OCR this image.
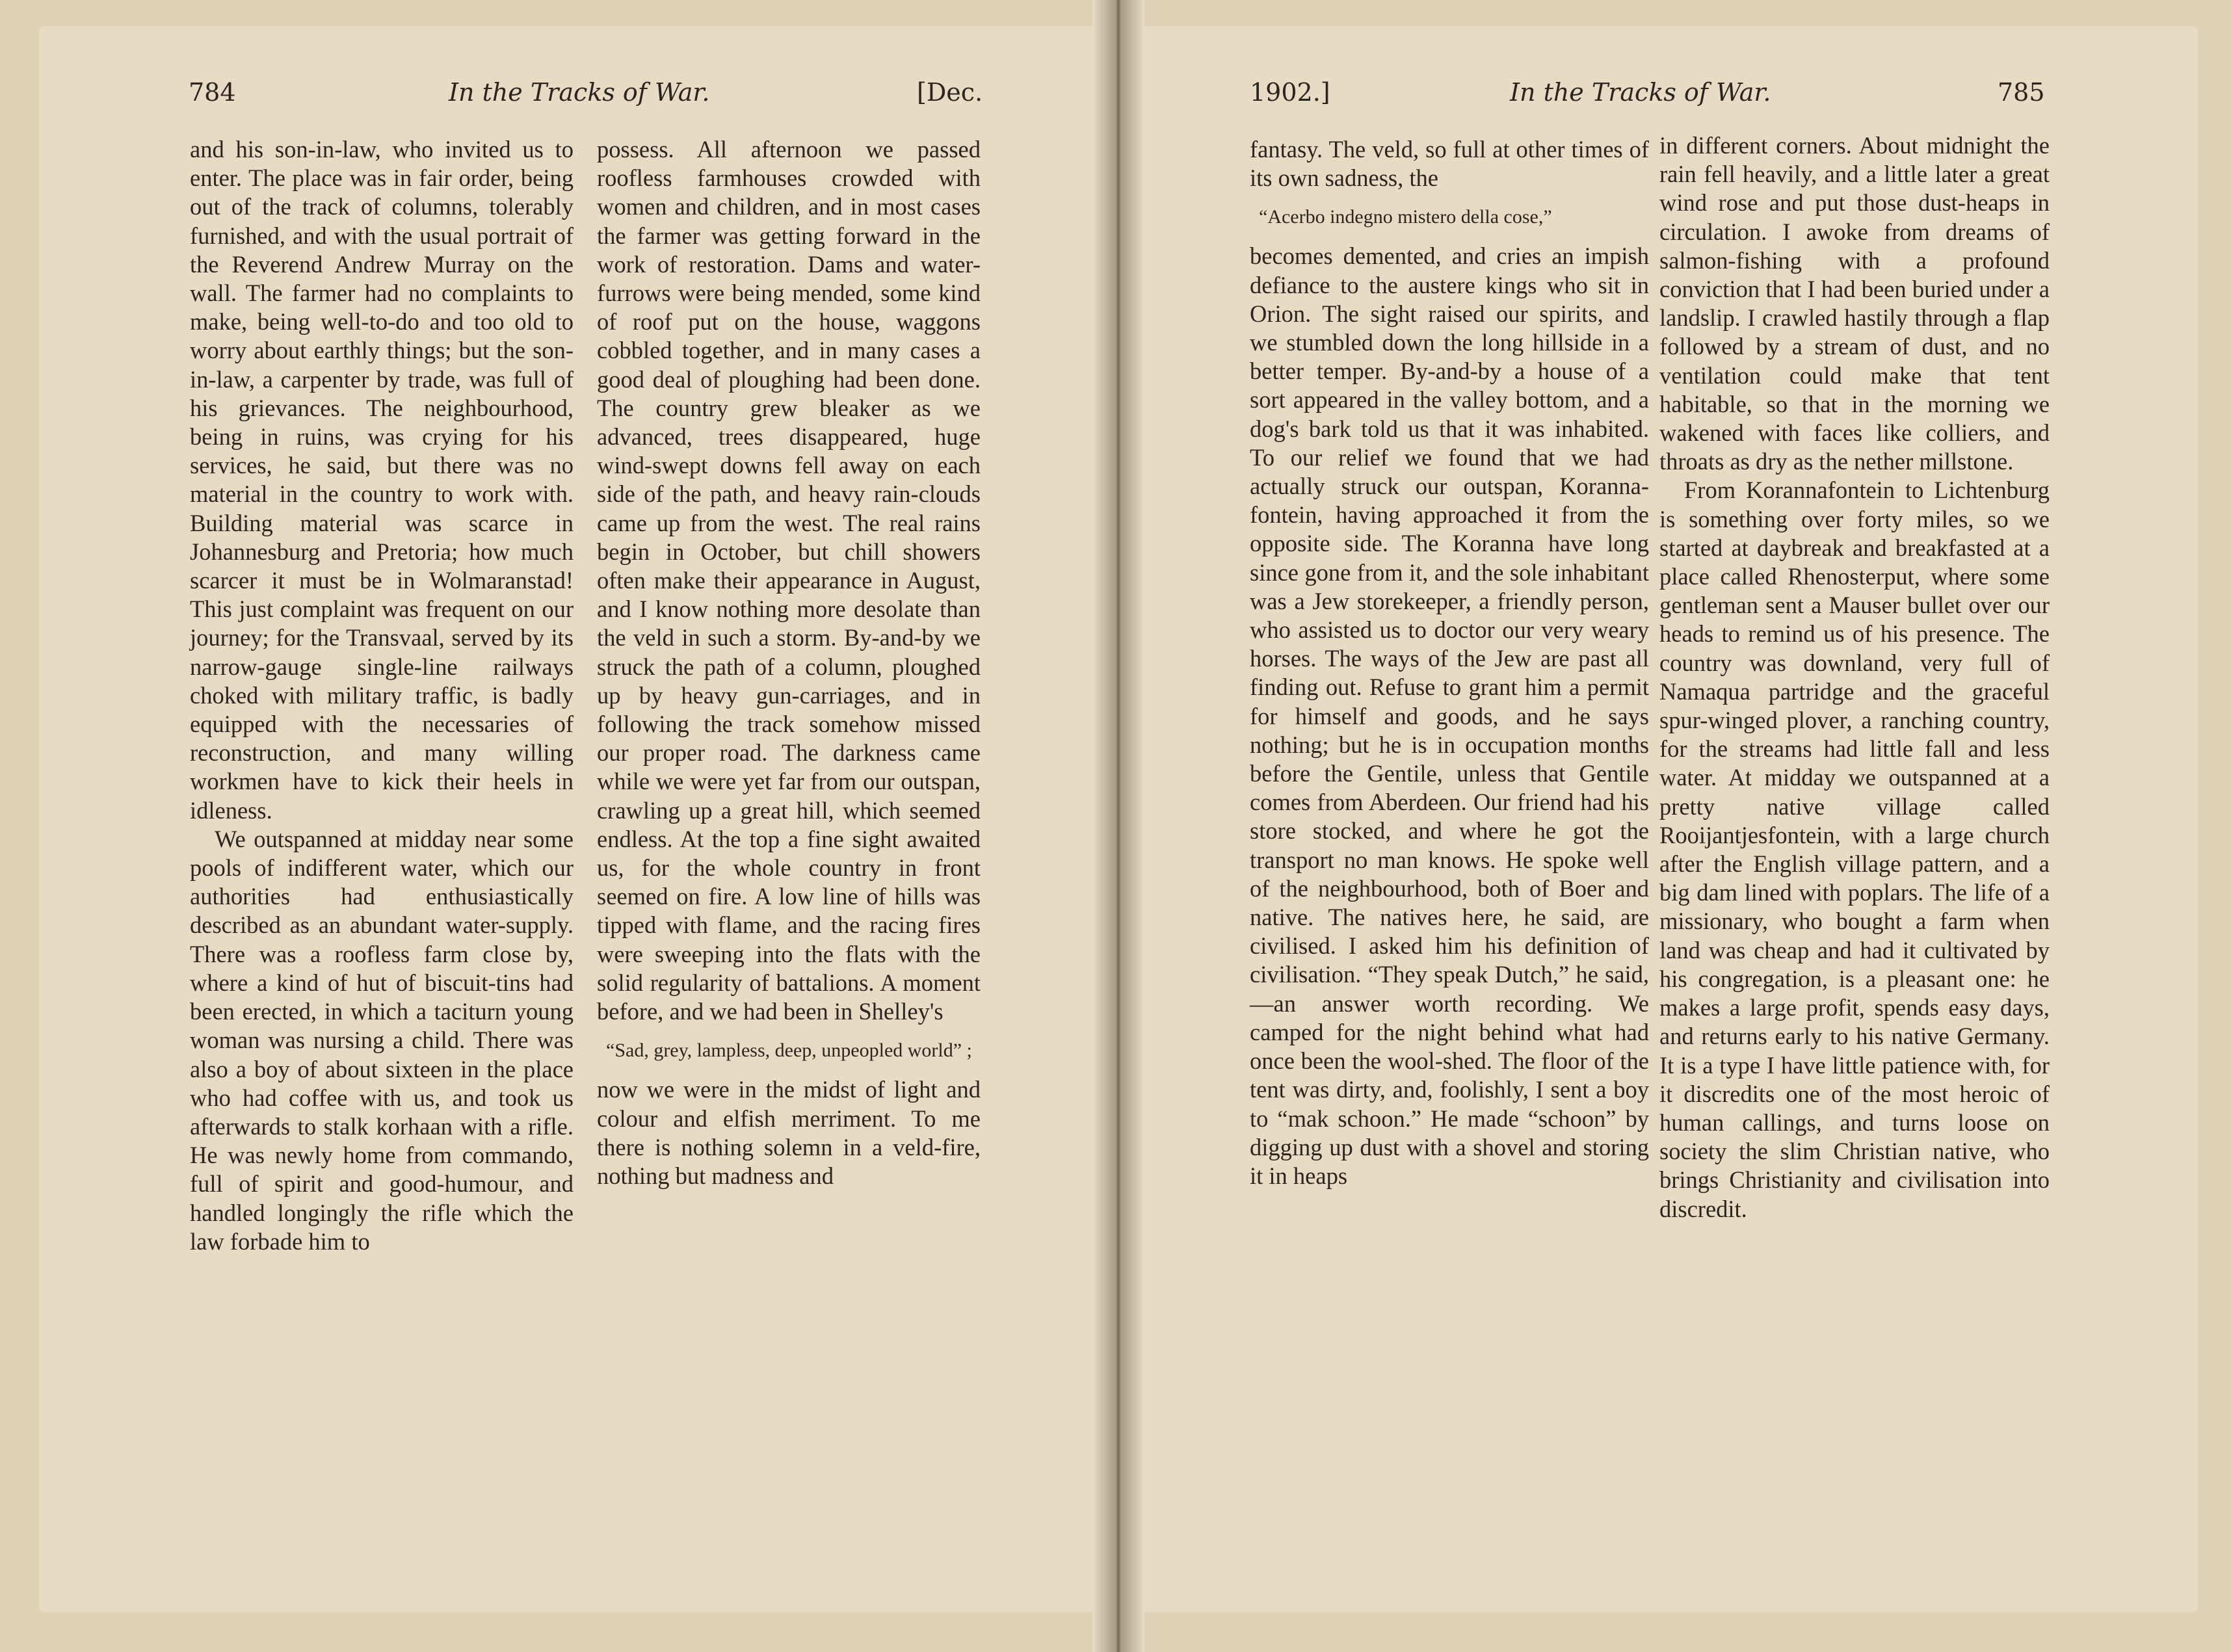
784	In the Tracks of War.	[Dec.

and his son-in-law, who invited us to enter. The place was in fair order, being out of the track of columns, tolerably furnished, and with the usual portrait of the Reverend Andrew Murray on the wall. The farmer had no complaints to make, being well-to-do and too old to worry about earthly things; but the son-in-law, a carpenter by trade, was full of his grievances. The neighbourhood, being in ruins, was crying for his services, he said, but there was no material in the country to work with. Building material was scarce in Johannesburg and Pretoria; how much scarcer it must be in Wolmaranstad! This just complaint was frequent on our journey; for the Transvaal, served by its narrow-gauge single-line railways choked with military traffic, is badly equipped with the necessaries of reconstruction, and many willing workmen have to kick their heels in idleness.

We outspanned at midday near some pools of indifferent water, which our authorities had enthusiastically described as an abundant water-supply. There was a roofless farm close by, where a kind of hut of biscuit-tins had been erected, in which a taciturn young woman was nursing a child. There was also a boy of about sixteen in the place who had coffee with us, and took us afterwards to stalk korhaan with a rifle. He was newly home from commando, full of spirit and good-humour, and handled longingly the rifle which the law forbade him to

possess. All afternoon we passed roofless farmhouses crowded with women and children, and in most cases the farmer was getting forward in the work of restoration. Dams and water-furrows were being mended, some kind of roof put on the house, waggons cobbled together, and in many cases a good deal of ploughing had been done. The country grew bleaker as we advanced, trees disappeared, huge wind-swept downs fell away on each side of the path, and heavy rain-clouds came up from the west. The real rains begin in October, but chill showers often make their appearance in August, and I know nothing more desolate than the veld in such a storm. By-and-by we struck the path of a column, ploughed up by heavy gun-carriages, and in following the track somehow missed our proper road. The darkness came while we were yet far from our outspan, crawling up a great hill, which seemed endless. At the top a fine sight awaited us, for the whole country in front seemed on fire. A low line of hills was tipped with flame, and the racing fires were sweeping into the flats with the solid regularity of battalions. A moment before, and we had been in Shelley's

“Sad, grey, lampless, deep, unpeopled world” ;

now we were in the midst of light and colour and elfish merriment. To me there is nothing solemn in a veld-fire, nothing but madness and

1902.]	In the Tracks of War.	785

fantasy. The veld, so full at other times of its own sadness, the

“Acerbo indegno mistero della cose,”

becomes demented, and cries an impish defiance to the austere kings who sit in Orion. The sight raised our spirits, and we stumbled down the long hillside in a better temper. By-and-by a house of a sort appeared in the valley bottom, and a dog's bark told us that it was inhabited. To our relief we found that we had actually struck our outspan, Koranna-fontein, having approached it from the opposite side. The Koranna have long since gone from it, and the sole inhabitant was a Jew storekeeper, a friendly person, who assisted us to doctor our very weary horses. The ways of the Jew are past all finding out. Refuse to grant him a permit for himself and goods, and he says nothing; but he is in occupation months before the Gentile, unless that Gentile comes from Aberdeen. Our friend had his store stocked, and where he got the transport no man knows. He spoke well of the neighbourhood, both of Boer and native. The natives here, he said, are civilised. I asked him his definition of civilisation. “They speak Dutch,” he said,—an answer worth recording. We camped for the night behind what had once been the wool-shed. The floor of the tent was dirty, and, foolishly, I sent a boy to “mak schoon.” He made “schoon” by digging up dust with a shovel and storing it in heaps

in different corners. About midnight the rain fell heavily, and a little later a great wind rose and put those dust-heaps in circulation. I awoke from dreams of salmon-fishing with a profound conviction that I had been buried under a landslip. I crawled hastily through a flap followed by a stream of dust, and no ventilation could make that tent habitable, so that in the morning we wakened with faces like colliers, and throats as dry as the nether millstone.

From Korannafontein to Lichtenburg is something over forty miles, so we started at daybreak and breakfasted at a place called Rhenosterput, where some gentleman sent a Mauser bullet over our heads to remind us of his presence. The country was downland, very full of Namaqua partridge and the graceful spur-winged plover, a ranching country, for the streams had little fall and less water. At midday we outspanned at a pretty native village called Rooijantjesfontein, with a large church after the English village pattern, and a big dam lined with poplars. The life of a missionary, who bought a farm when land was cheap and had it cultivated by his congregation, is a pleasant one: he makes a large profit, spends easy days, and returns early to his native Germany. It is a type I have little patience with, for it discredits one of the most heroic of human callings, and turns loose on society the slim Christian native, who brings Christianity and civilisation into discredit.
